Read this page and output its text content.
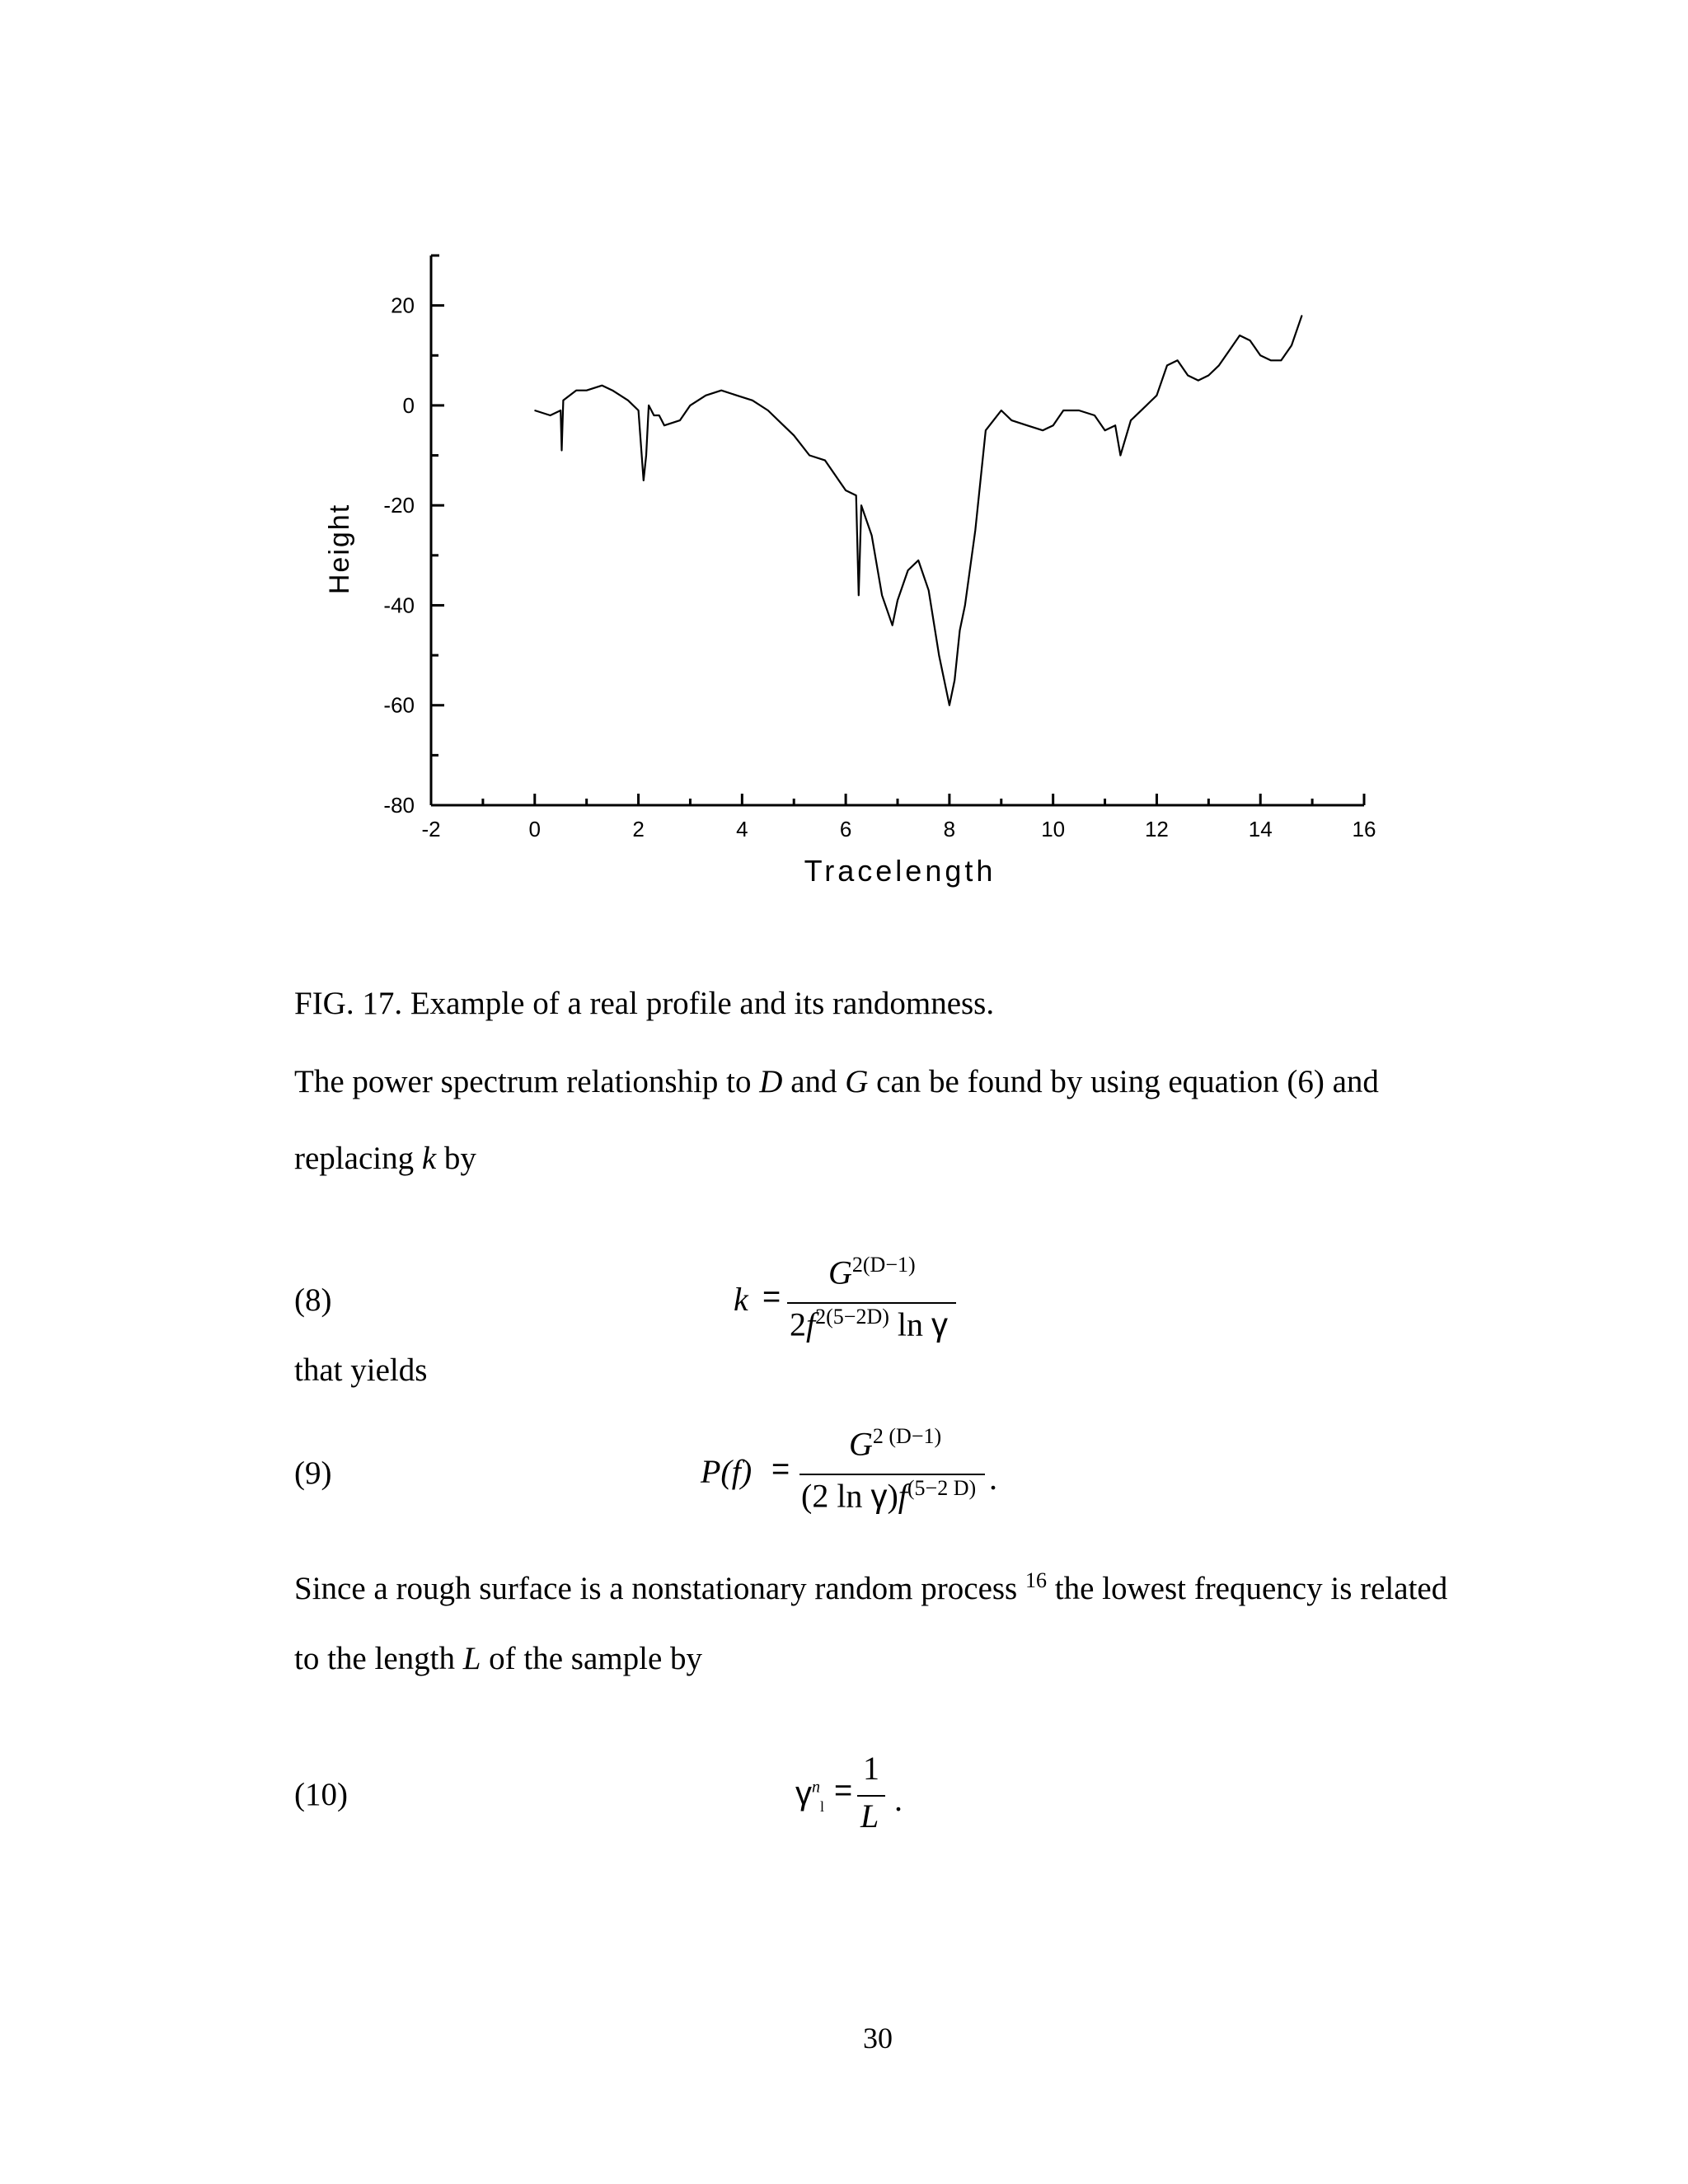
-2	0	2	4	6	8	10	12	14	16
20
0
-20
-40
-60
-80
Tracelength
Height
FIG. 17. Example of a real profile and its randomness.
The power spectrum relationship to D and G can be found by using equation (6) and
replacing k by
(8)	k =
$G^{2(D-1)}$
$2f^{2(5-2D)}$ ln γ
that yields
(9)	P(f) =
$G^{2 (D-1)}$
(2 $\ln \gamma)f^{(5-2 D)}$ .
Since a rough surface is a nonstationary random process $^{16}$ the lowest frequency is related
to the length L of the sample by
(10)	$\gamma^n_l$ =
1
L .
30
